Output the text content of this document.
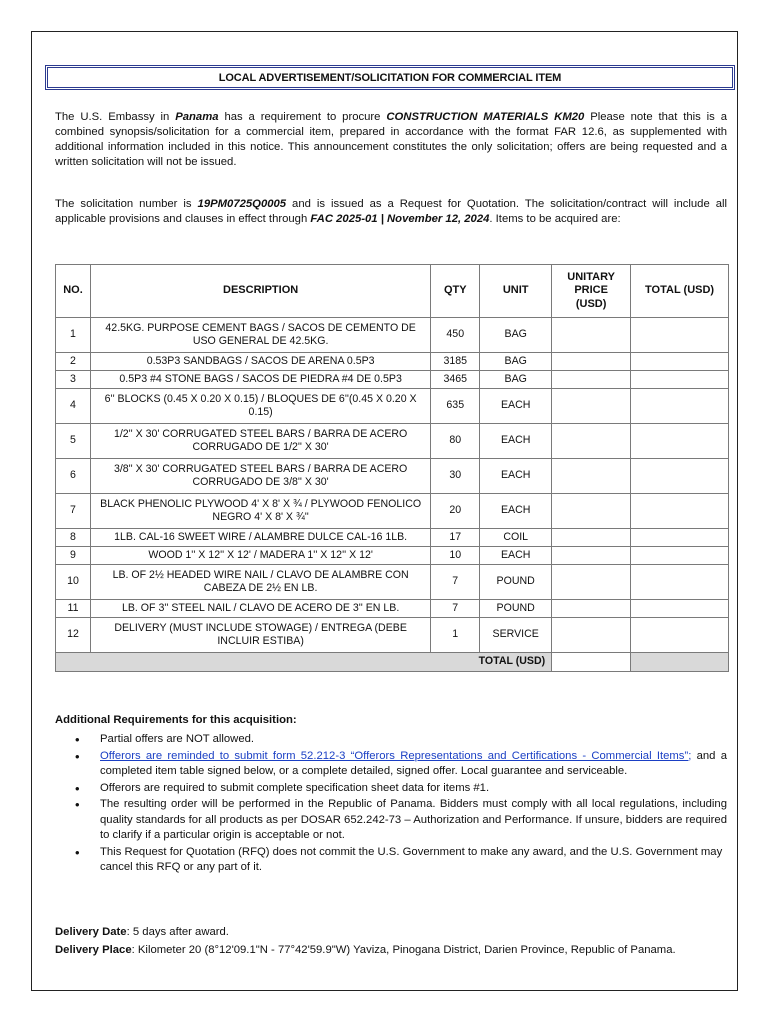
LOCAL ADVERTISEMENT/SOLICITATION FOR COMMERCIAL ITEM

The U.S. Embassy in Panama has a requirement to procure CONSTRUCTION MATERIALS KM20 Please note that this is a combined synopsis/solicitation for a commercial item, prepared in accordance with the format FAR 12.6, as supplemented with additional information included in this notice. This announcement constitutes the only solicitation; offers are being requested and a written solicitation will not be issued.

The solicitation number is 19PM0725Q0005 and is issued as a Request for Quotation. The solicitation/contract will include all applicable provisions and clauses in effect through FAC 2025-01 | November 12, 2024. Items to be acquired are:

NO.	DESCRIPTION	QTY	UNIT	UNITARY PRICE (USD)	TOTAL (USD)
1	42.5KG. PURPOSE CEMENT BAGS / SACOS DE CEMENTO DE USO GENERAL DE 42.5KG.	450	BAG		
2	0.53P3 SANDBAGS / SACOS DE ARENA 0.5P3	3185	BAG		
3	0.5P3 #4 STONE BAGS / SACOS DE PIEDRA #4 DE 0.5P3	3465	BAG		
4	6'' BLOCKS (0.45 X 0.20 X 0.15) / BLOQUES DE 6''(0.45 X 0.20 X 0.15)	635	EACH		
5	1/2'' X 30' CORRUGATED STEEL BARS / BARRA DE ACERO CORRUGADO DE 1/2'' X 30'	80	EACH		
6	3/8'' X 30' CORRUGATED STEEL BARS / BARRA DE ACERO CORRUGADO DE 3/8'' X 30'	30	EACH		
7	BLACK PHENOLIC PLYWOOD 4' X 8' X ¾ / PLYWOOD FENOLICO NEGRO 4' X 8' X ¾''	20	EACH		
8	1LB. CAL-16 SWEET WIRE / ALAMBRE DULCE CAL-16 1LB.	17	COIL		
9	WOOD 1'' X 12'' X 12' / MADERA 1'' X 12'' X 12'	10	EACH		
10	LB. OF 2½ HEADED WIRE NAIL / CLAVO DE ALAMBRE CON CABEZA DE 2½ EN LB.	7	POUND		
11	LB. OF 3'' STEEL NAIL / CLAVO DE ACERO DE 3'' EN LB.	7	POUND		
12	DELIVERY (MUST INCLUDE STOWAGE) / ENTREGA (DEBE INCLUIR ESTIBA)	1	SERVICE		
TOTAL (USD)					
Additional Requirements for this acquisition:
• Partial offers are NOT allowed.
• Offerors are reminded to submit form 52.212-3 “Offerors Representations and Certifications - Commercial Items”; and a completed item table signed below, or a complete detailed, signed offer. Local guarantee and serviceable.
• Offerors are required to submit complete specification sheet data for items #1.
• The resulting order will be performed in the Republic of Panama. Bidders must comply with all local regulations, including quality standards for all products as per DOSAR 652.242-73 – Authorization and Performance. If unsure, bidders are required to clarify if a particular origin is acceptable or not.
• This Request for Quotation (RFQ) does not commit the U.S. Government to make any award, and the U.S. Government may cancel this RFQ or any part of it.
Delivery Date: 5 days after award.
Delivery Place: Kilometer 20 (8°12'09.1"N - 77°42'59.9"W) Yaviza, Pinogana District, Darien Province, Republic of Panama.
